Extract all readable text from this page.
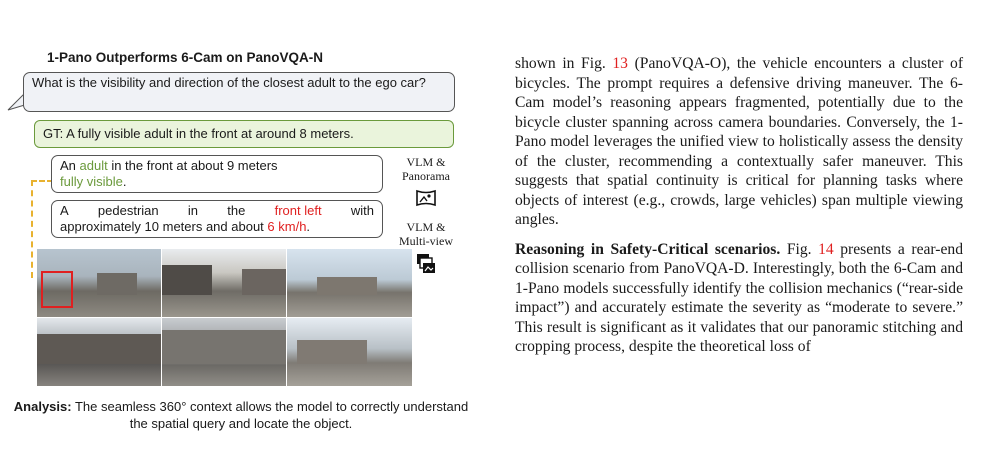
1-Pano Outperforms 6-Cam on PanoVQA-N
What is the visibility and direction of the closest adult to the ego car?
GT: A fully visible adult in the front at around 8 meters.
An adult in the front at about 9 meters
fully visible.
A pedestrian in the front left with
approximately 10 meters and about 6 km/h.
VLM &
Panorama
VLM &
Multi-view
Analysis: The seamless 360° context allows the model to correctly understand the spatial query and locate the object.

shown in Fig. 13 (PanoVQA-O), the vehicle encounters a cluster of bicycles. The prompt requires a defensive driving maneuver. The 6-Cam model’s reasoning appears fragmented, potentially due to the bicycle cluster spanning across camera boundaries. Conversely, the 1-Pano model leverages the unified view to holistically assess the density of the cluster, recommending a contextually safer maneuver. This suggests that spatial continuity is critical for planning tasks where objects of interest (e.g., crowds, large vehicles) span multiple viewing angles.

Reasoning in Safety-Critical scenarios. Fig. 14 presents a rear-end collision scenario from PanoVQA-D. Interestingly, both the 6-Cam and 1-Pano models successfully identify the collision mechanics (“rear-side impact”) and accurately estimate the severity as “moderate to severe.” This result is significant as it validates that our panoramic stitching and cropping process, despite the theoretical loss of
